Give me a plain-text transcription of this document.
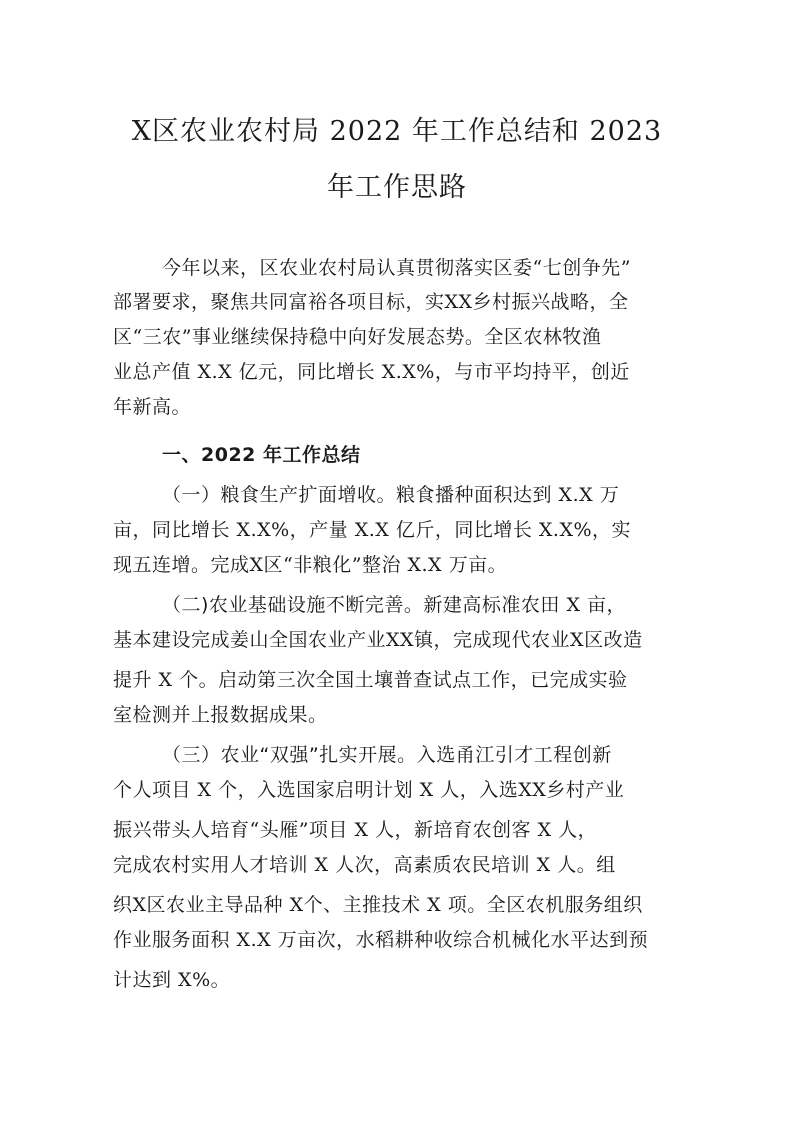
X区农业农村局 2022 年工作总结和 2023
年工作思路
今年以来，区农业农村局认真贯彻落实区委“七创争先”
部署要求，聚焦共同富裕各项目标，实XX乡村振兴战略，全
区“三农”事业继续保持稳中向好发展态势。全区农林牧渔
业总产值 X.X 亿元，同比增长 X.X%，与市平均持平，创近
年新高。
一、2022 年工作总结
（一）粮食生产扩面增收。粮食播种面积达到 X.X 万
亩，同比增长 X.X%，产量 X.X 亿斤，同比增长 X.X%，实
现五连增。完成X区“非粮化”整治 X.X 万亩。
（二)农业基础设施不断完善。新建高标准农田 X 亩，
基本建设完成姜山全国农业产业XX镇，完成现代农业X区改造
提升 X 个。启动第三次全国土壤普查试点工作，已完成实验
室检测并上报数据成果。
（三）农业“双强”扎实开展。入选甬江引才工程创新
个人项目 X 个，入选国家启明计划 X 人，入选XX乡村产业
振兴带头人培育“头雁”项目 X 人，新培育农创客 X 人，
完成农村实用人才培训 X 人次，高素质农民培训 X 人。组
织X区农业主导品种 X个、主推技术 X 项。全区农机服务组织
作业服务面积 X.X 万亩次，水稻耕种收综合机械化水平达到预
计达到 X%。
